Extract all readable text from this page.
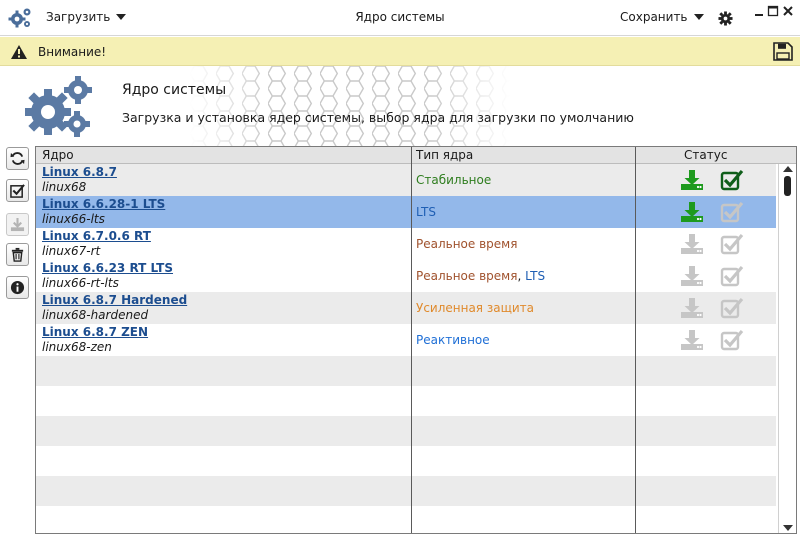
Загрузить	Ядро системы	Сохранить
Внимание!
Ядро системы
Загрузка и установка ядер системы, выбор ядра для загрузки по умолчанию
Ядро	Тип ядра	Статус
Linux 6.8.7
linux68	Стабильное
Linux 6.6.28-1 LTS
linux66-lts	LTS
Linux 6.7.0.6 RT
linux67-rt	Реальное время
Linux 6.6.23 RT LTS
linux66-rt-lts	Реальное время, LTS
Linux 6.8.7 Hardened
linux68-hardened	Усиленная защита
Linux 6.8.7 ZEN
linux68-zen	Реактивное
